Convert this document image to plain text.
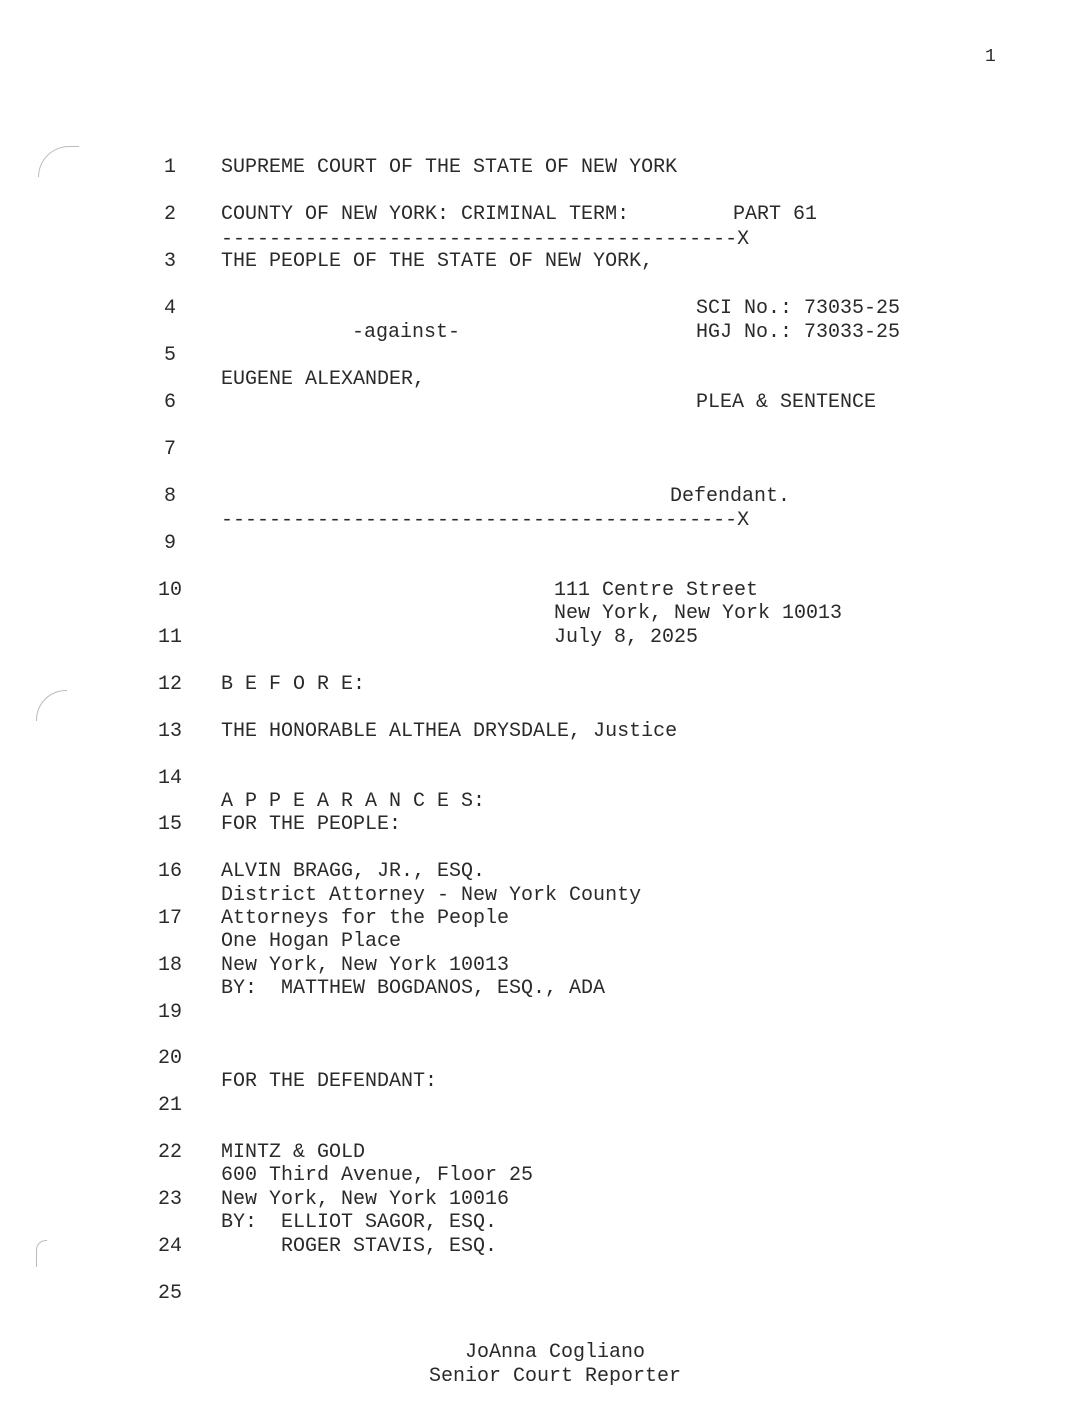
1
1
2
3
4
5
6
7
8
9
10
11
12
13
14
15
16
17
18
19
20
21
22
23
24
25
SUPREME COURT OF THE STATE OF NEW YORK
COUNTY OF NEW YORK: CRIMINAL TERM:	PART 61
-------------------------------------------X
THE PEOPLE OF THE STATE OF NEW YORK,
SCI No.: 73035-25
-against-	HGJ No.: 73033-25
EUGENE ALEXANDER,
PLEA & SENTENCE
Defendant.
-------------------------------------------X
111 Centre Street
New York, New York 10013
July 8, 2025
B E F O R E:
THE HONORABLE ALTHEA DRYSDALE, Justice
A P P E A R A N C E S:
FOR THE PEOPLE:
ALVIN BRAGG, JR., ESQ.
District Attorney - New York County
Attorneys for the People
One Hogan Place
New York, New York 10013
BY:  MATTHEW BOGDANOS, ESQ., ADA
FOR THE DEFENDANT:
MINTZ & GOLD
600 Third Avenue, Floor 25
New York, New York 10016
BY:  ELLIOT SAGOR, ESQ.
ROGER STAVIS, ESQ.
JoAnna Cogliano
Senior Court Reporter
